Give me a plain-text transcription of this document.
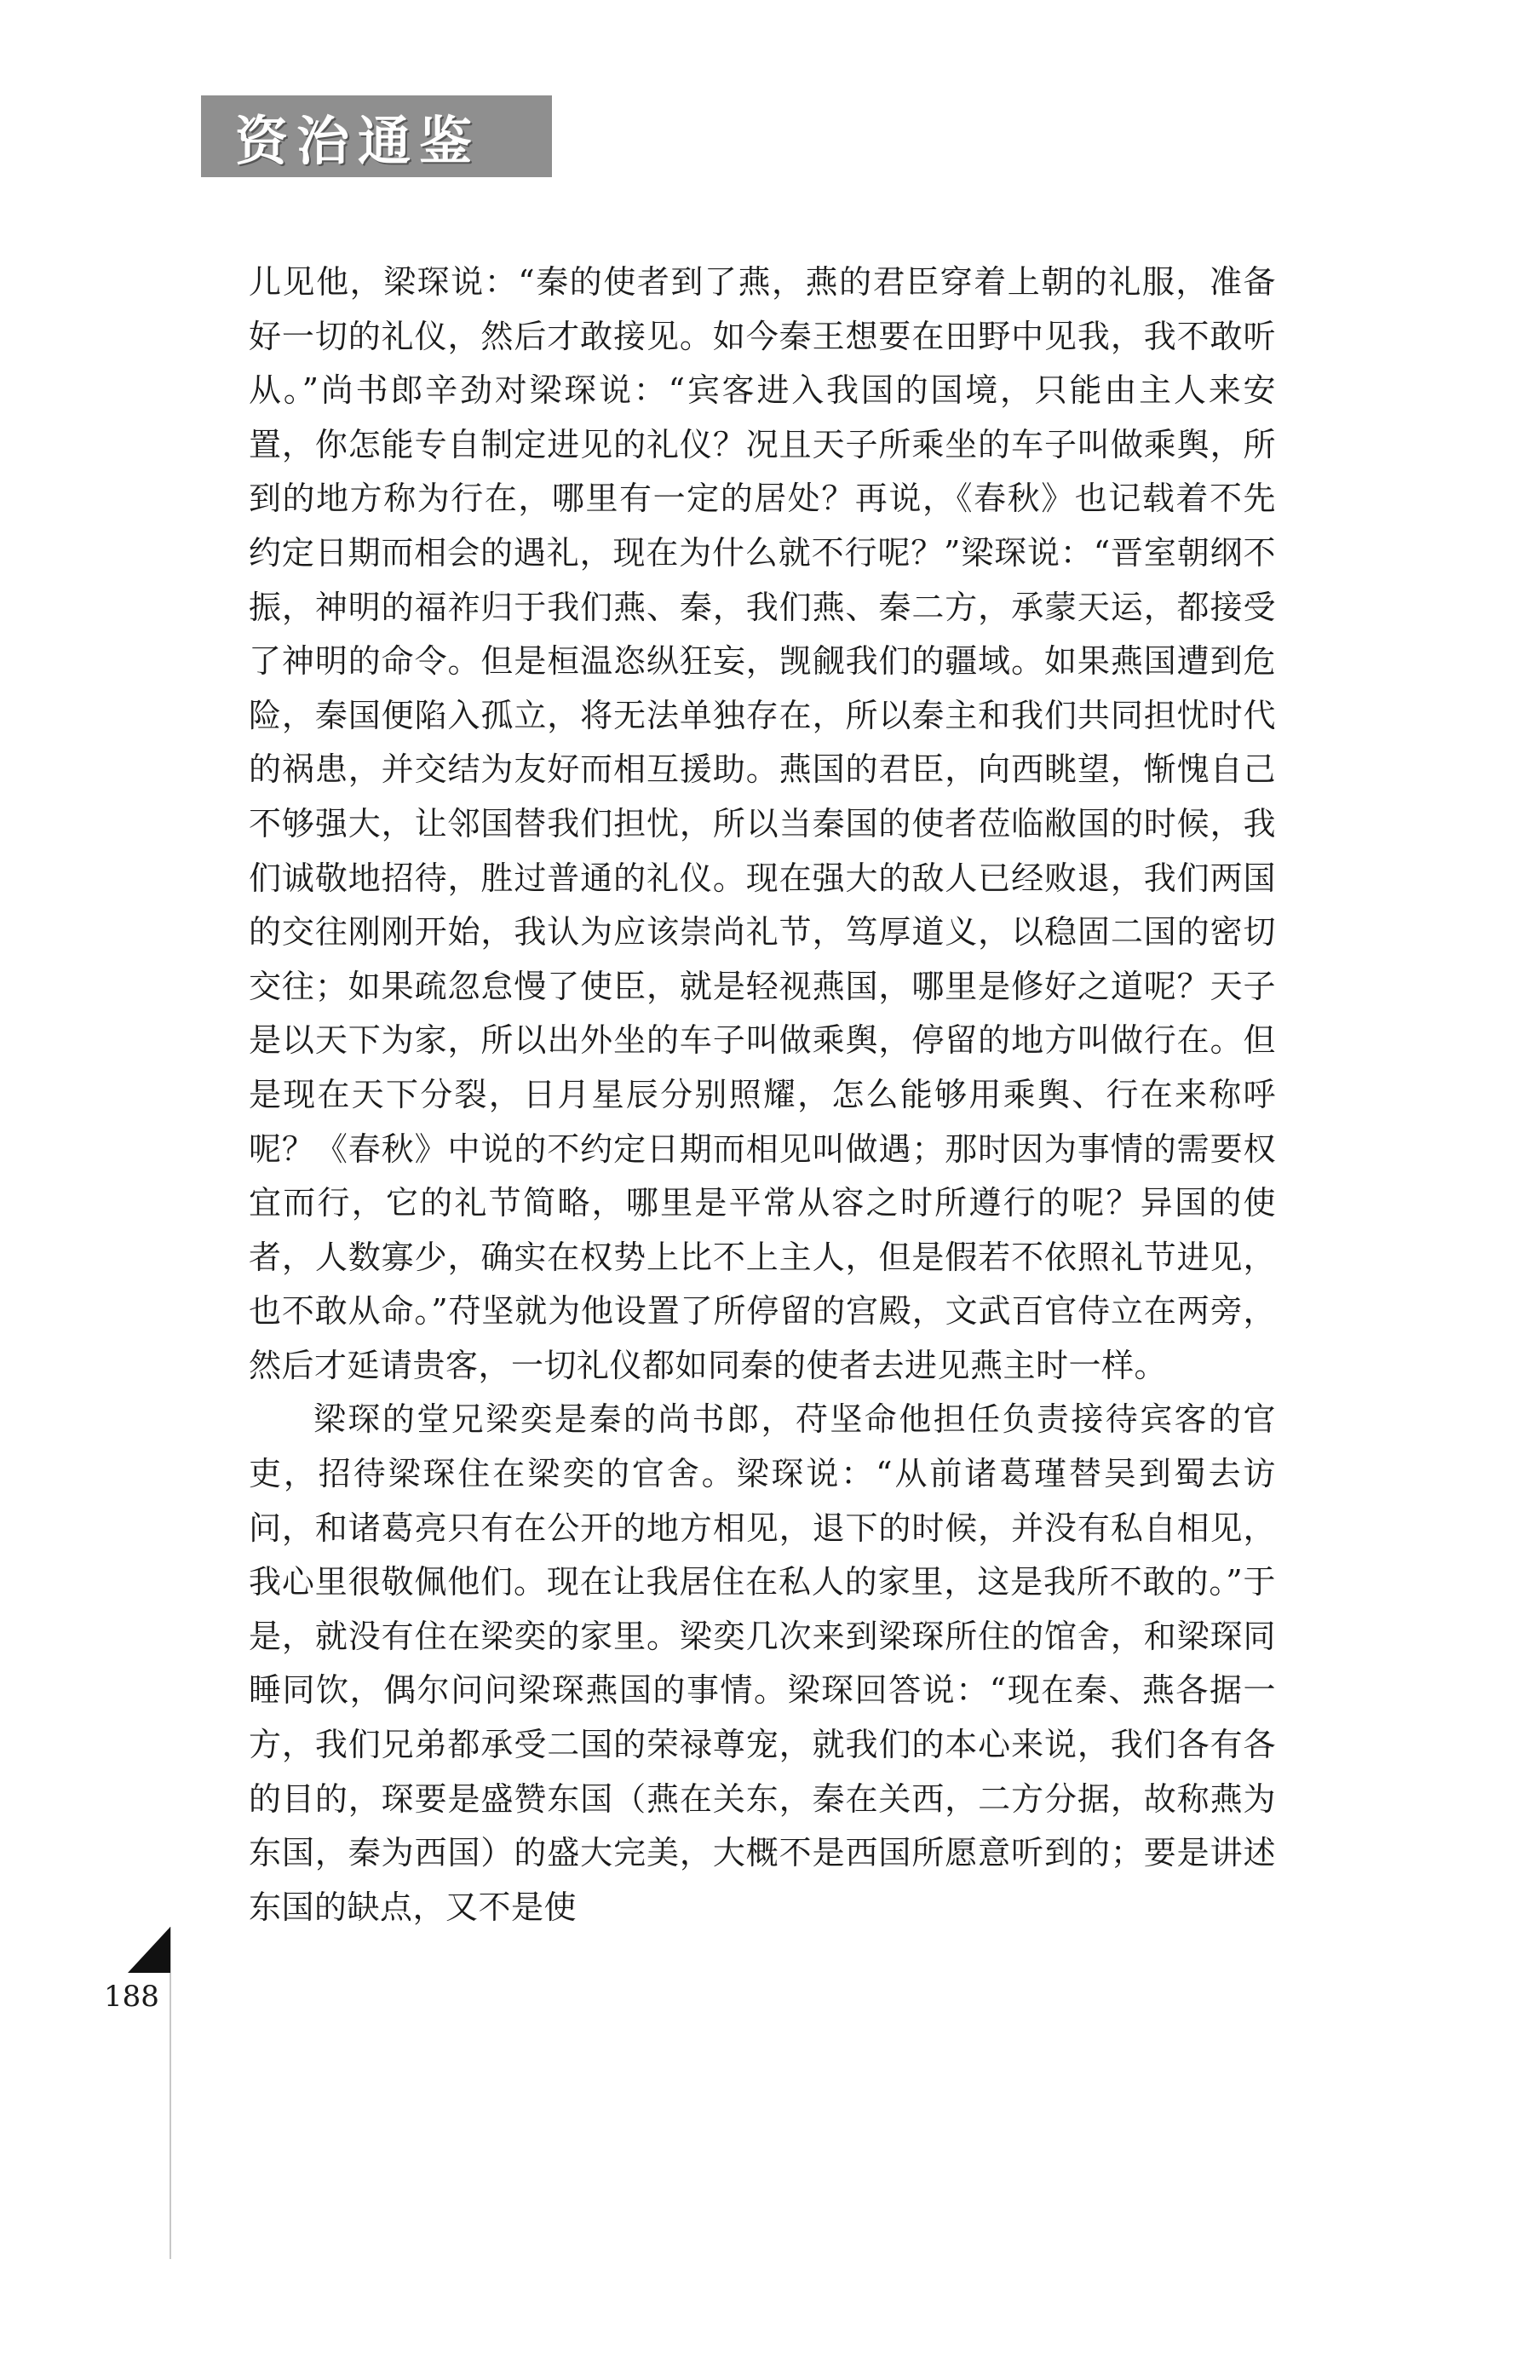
资治通鉴

儿见他，梁琛说：“秦的使者到了燕，燕的君臣穿着上朝的礼服，准备好一切的礼仪，然后才敢接见。如今秦王想要在田野中见我，我不敢听从。”尚书郎辛劲对梁琛说：“宾客进入我国的国境，只能由主人来安置，你怎能专自制定进见的礼仪？况且天子所乘坐的车子叫做乘舆，所到的地方称为行在，哪里有一定的居处？再说，《春秋》也记载着不先约定日期而相会的遇礼，现在为什么就不行呢？”梁琛说：“晋室朝纲不振，神明的福祚归于我们燕、秦，我们燕、秦二方，承蒙天运，都接受了神明的命令。但是桓温恣纵狂妄，觊觎我们的疆域。如果燕国遭到危险，秦国便陷入孤立，将无法单独存在，所以秦主和我们共同担忧时代的祸患，并交结为友好而相互援助。燕国的君臣，向西眺望，惭愧自己不够强大，让邻国替我们担忧，所以当秦国的使者莅临敝国的时候，我们诚敬地招待，胜过普通的礼仪。现在强大的敌人已经败退，我们两国的交往刚刚开始，我认为应该崇尚礼节，笃厚道义，以稳固二国的密切交往；如果疏忽怠慢了使臣，就是轻视燕国，哪里是修好之道呢？天子是以天下为家，所以出外坐的车子叫做乘舆，停留的地方叫做行在。但是现在天下分裂，日月星辰分别照耀，怎么能够用乘舆、行在来称呼呢？《春秋》中说的不约定日期而相见叫做遇；那时因为事情的需要权宜而行，它的礼节简略，哪里是平常从容之时所遵行的呢？异国的使者，人数寡少，确实在权势上比不上主人，但是假若不依照礼节进见，也不敢从命。”苻坚就为他设置了所停留的宫殿，文武百官侍立在两旁，然后才延请贵客，一切礼仪都如同秦的使者去进见燕主时一样。

梁琛的堂兄梁奕是秦的尚书郎，苻坚命他担任负责接待宾客的官吏，招待梁琛住在梁奕的官舍。梁琛说：“从前诸葛瑾替吴到蜀去访问，和诸葛亮只有在公开的地方相见，退下的时候，并没有私自相见，我心里很敬佩他们。现在让我居住在私人的家里，这是我所不敢的。”于是，就没有住在梁奕的家里。梁奕几次来到梁琛所住的馆舍，和梁琛同睡同饮，偶尔问问梁琛燕国的事情。梁琛回答说：“现在秦、燕各据一方，我们兄弟都承受二国的荣禄尊宠，就我们的本心来说，我们各有各的目的，琛要是盛赞东国（燕在关东，秦在关西，二方分据，故称燕为东国，秦为西国）的盛大完美，大概不是西国所愿意听到的；要是讲述东国的缺点，又不是使

188
